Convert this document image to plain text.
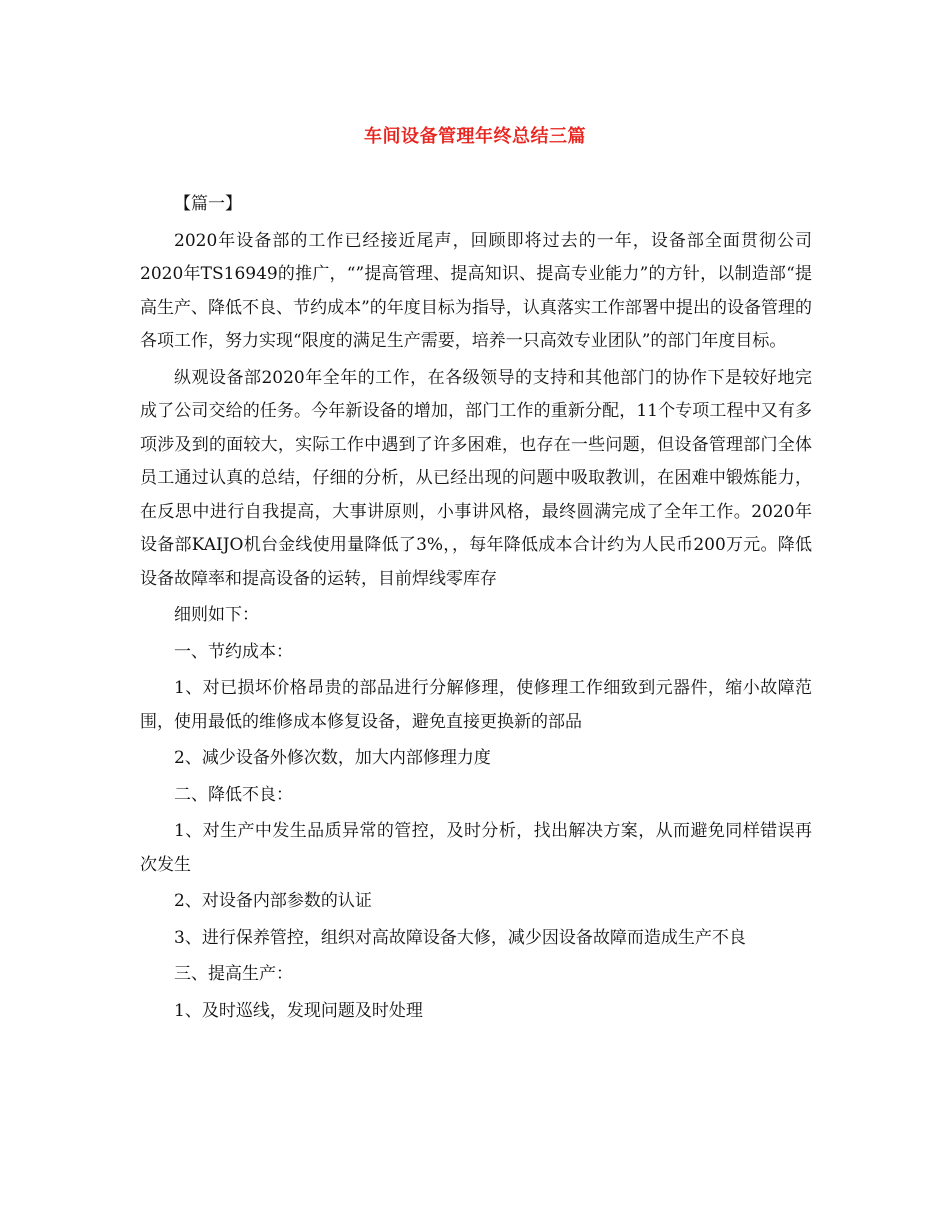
车间设备管理年终总结三篇

【篇一】

2020年设备部的工作已经接近尾声，回顾即将过去的一年，设备部全面贯彻公司2020年TS16949的推广，“”提高管理、提高知识、提高专业能力”的方针，以制造部“提高生产、降低不良、节约成本”的年度目标为指导，认真落实工作部署中提出的设备管理的各项工作，努力实现“限度的满足生产需要，培养一只高效专业团队”的部门年度目标。

纵观设备部2020年全年的工作，在各级领导的支持和其他部门的协作下是较好地完成了公司交给的任务。今年新设备的增加，部门工作的重新分配，11个专项工程中又有多项涉及到的面较大，实际工作中遇到了许多困难，也存在一些问题，但设备管理部门全体员工通过认真的总结，仔细的分析，从已经出现的问题中吸取教训，在困难中锻炼能力，在反思中进行自我提高，大事讲原则，小事讲风格，最终圆满完成了全年工作。2020年设备部KAIJO机台金线使用量降低了3%，，每年降低成本合计约为人民币200万元。降低设备故障率和提高设备的运转，目前焊线零库存

细则如下：

一、节约成本：

1、对已损坏价格昂贵的部品进行分解修理，使修理工作细致到元器件，缩小故障范围，使用最低的维修成本修复设备，避免直接更换新的部品

2、减少设备外修次数，加大内部修理力度

二、降低不良：

1、对生产中发生品质异常的管控，及时分析，找出解决方案，从而避免同样错误再次发生

2、对设备内部参数的认证

3、进行保养管控，组织对高故障设备大修，减少因设备故障而造成生产不良

三、提高生产：

1、及时巡线，发现问题及时处理
